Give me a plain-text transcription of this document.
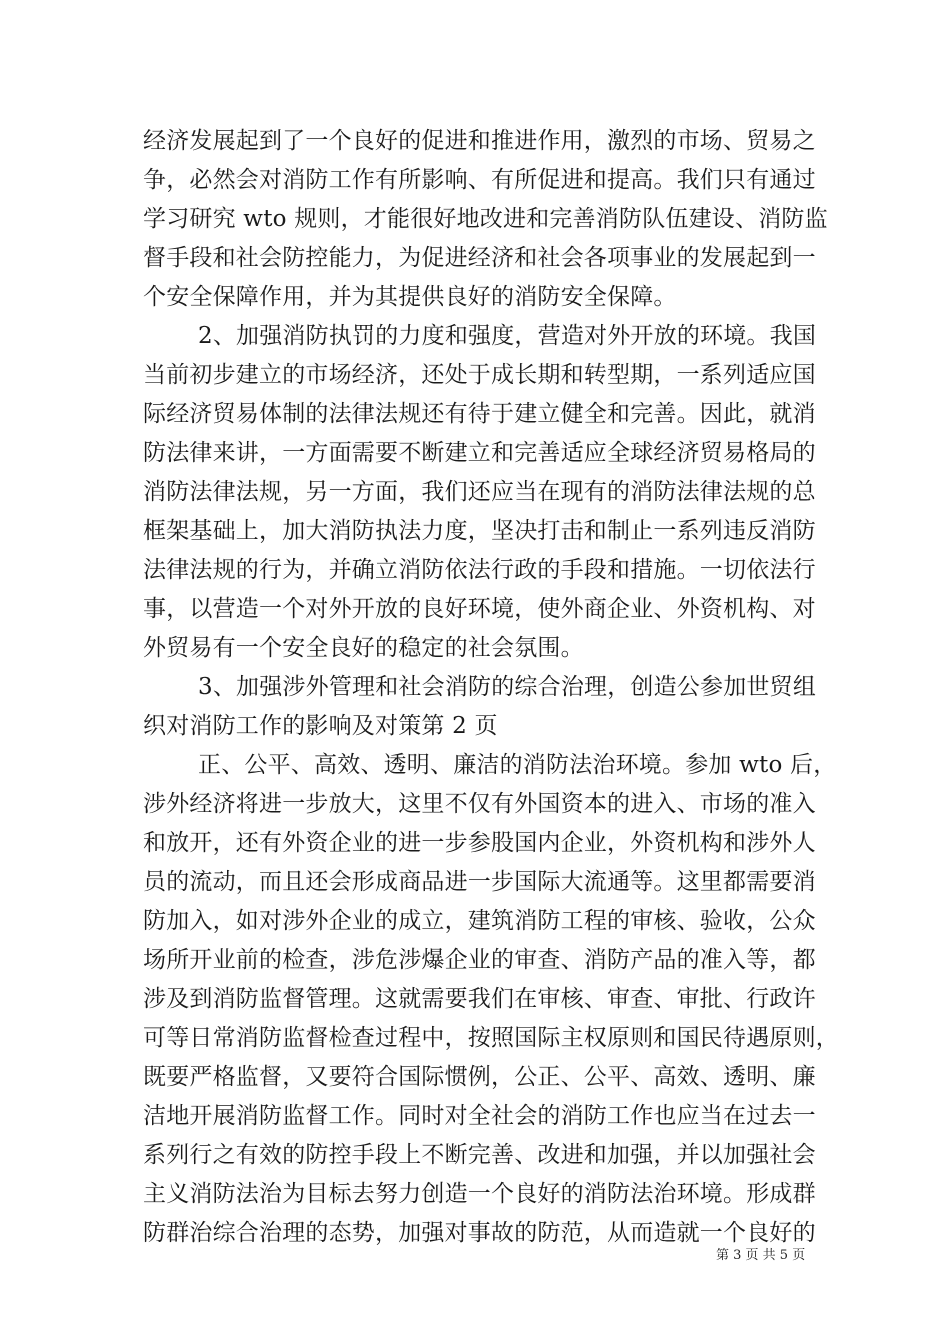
经济发展起到了一个良好的促进和推进作用，激烈的市场、贸易之
争，必然会对消防工作有所影响、有所促进和提高。我们只有通过
学习研究 wto 规则，才能很好地改进和完善消防队伍建设、消防监
督手段和社会防控能力，为促进经济和社会各项事业的发展起到一
个安全保障作用，并为其提供良好的消防安全保障。
2、加强消防执罚的力度和强度，营造对外开放的环境。我国
当前初步建立的市场经济，还处于成长期和转型期，一系列适应国
际经济贸易体制的法律法规还有待于建立健全和完善。因此，就消
防法律来讲，一方面需要不断建立和完善适应全球经济贸易格局的
消防法律法规，另一方面，我们还应当在现有的消防法律法规的总
框架基础上，加大消防执法力度，坚决打击和制止一系列违反消防
法律法规的行为，并确立消防依法行政的手段和措施。一切依法行
事，以营造一个对外开放的良好环境，使外商企业、外资机构、对
外贸易有一个安全良好的稳定的社会氛围。
3、加强涉外管理和社会消防的综合治理，创造公参加世贸组
织对消防工作的影响及对策第 2 页
正、公平、高效、透明、廉洁的消防法治环境。参加 wto 后，
涉外经济将进一步放大，这里不仅有外国资本的进入、市场的准入
和放开，还有外资企业的进一步参股国内企业，外资机构和涉外人
员的流动，而且还会形成商品进一步国际大流通等。这里都需要消
防加入，如对涉外企业的成立，建筑消防工程的审核、验收，公众
场所开业前的检查，涉危涉爆企业的审查、消防产品的准入等，都
涉及到消防监督管理。这就需要我们在审核、审查、审批、行政许
可等日常消防监督检查过程中，按照国际主权原则和国民待遇原则，
既要严格监督，又要符合国际惯例，公正、公平、高效、透明、廉
洁地开展消防监督工作。同时对全社会的消防工作也应当在过去一
系列行之有效的防控手段上不断完善、改进和加强，并以加强社会
主义消防法治为目标去努力创造一个良好的消防法治环境。形成群
防群治综合治理的态势，加强对事故的防范，从而造就一个良好的
第 3 页 共 5 页
